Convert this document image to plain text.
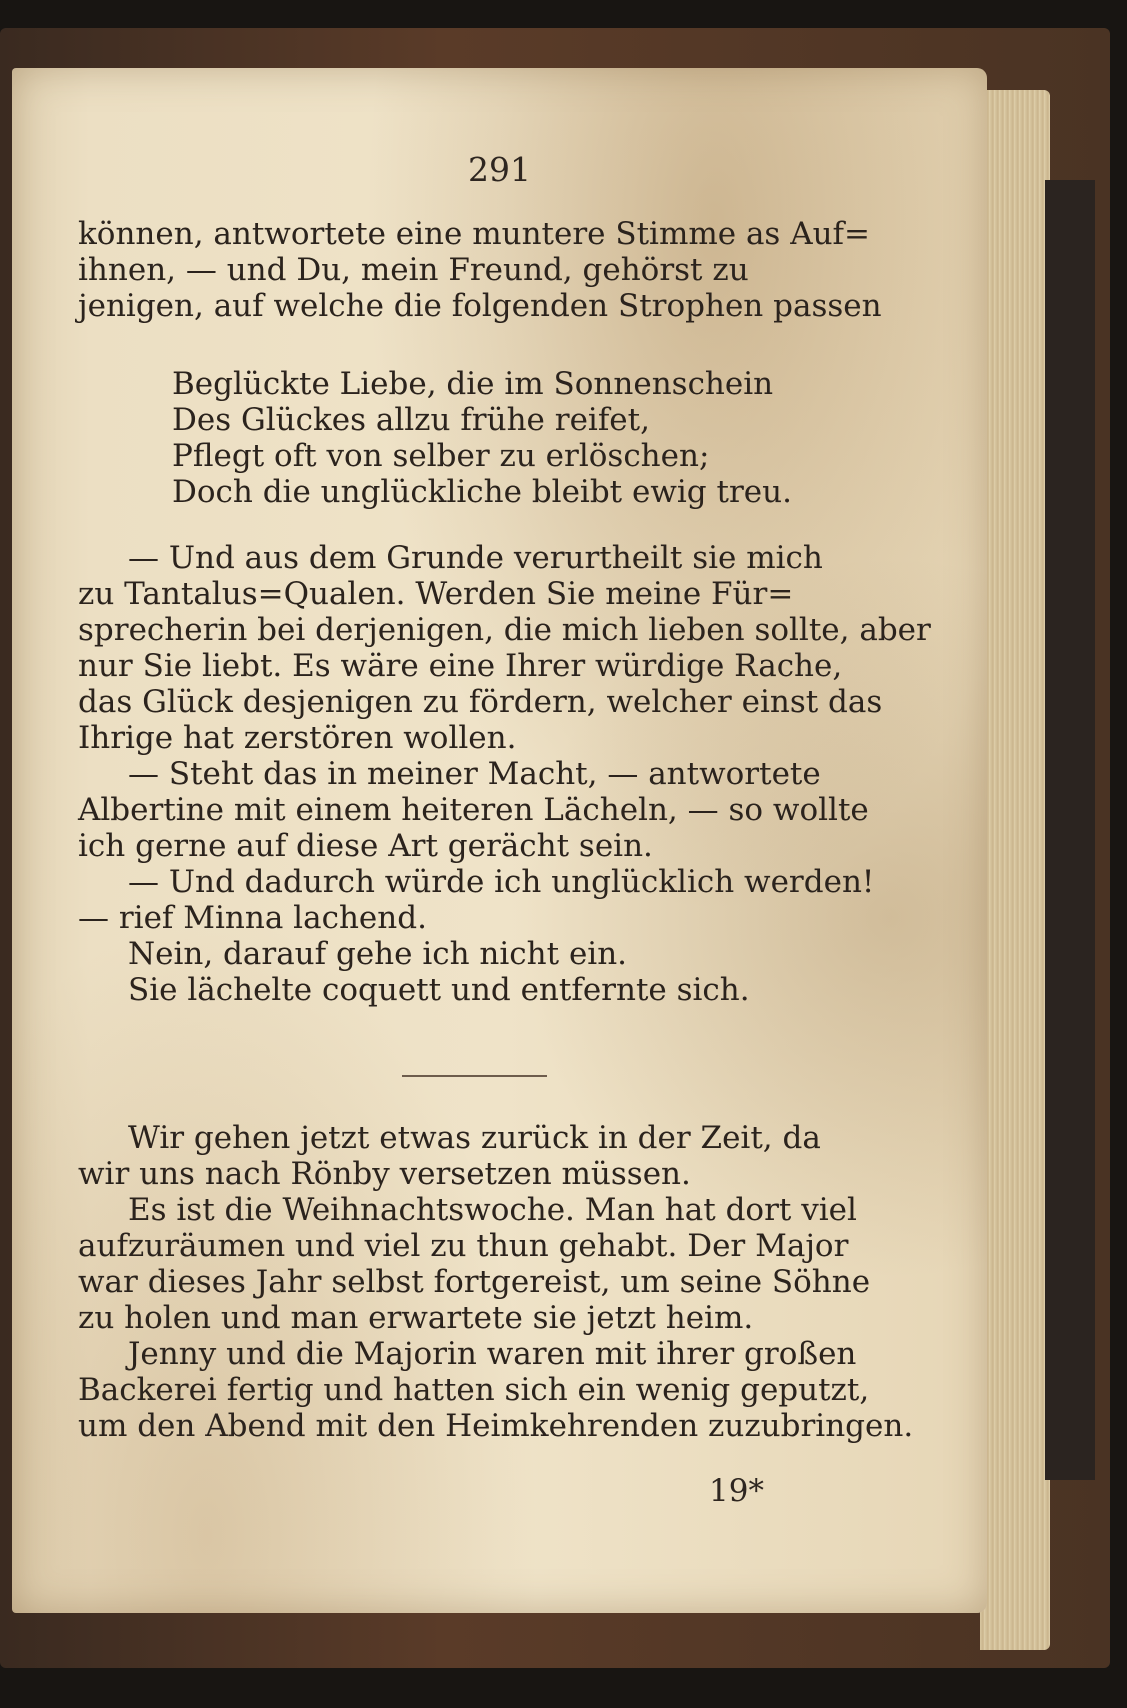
291
können, antwortete eine muntere Stimme as Auf=
ihnen, — und Du, mein Freund, gehörst zu
jenigen, auf welche die folgenden Strophen passen
Beglückte Liebe, die im Sonnenschein
Des Glückes allzu frühe reifet,
Pflegt oft von selber zu erlöschen;
Doch die unglückliche bleibt ewig treu.
— Und aus dem Grunde verurtheilt sie mich
zu Tantalus=Qualen. Werden Sie meine Für=
sprecherin bei derjenigen, die mich lieben sollte, aber
nur Sie liebt. Es wäre eine Ihrer würdige Rache,
das Glück desjenigen zu fördern, welcher einst das
Ihrige hat zerstören wollen.
— Steht das in meiner Macht, — antwortete
Albertine mit einem heiteren Lächeln, — so wollte
ich gerne auf diese Art gerächt sein.
— Und dadurch würde ich unglücklich werden!
— rief Minna lachend.
Nein, darauf gehe ich nicht ein.
Sie lächelte coquett und entfernte sich.
Wir gehen jetzt etwas zurück in der Zeit, da
wir uns nach Rönby versetzen müssen.
Es ist die Weihnachtswoche. Man hat dort viel
aufzuräumen und viel zu thun gehabt. Der Major
war dieses Jahr selbst fortgereist, um seine Söhne
zu holen und man erwartete sie jetzt heim.
Jenny und die Majorin waren mit ihrer großen
Backerei fertig und hatten sich ein wenig geputzt,
um den Abend mit den Heimkehrenden zuzubringen.
19*
